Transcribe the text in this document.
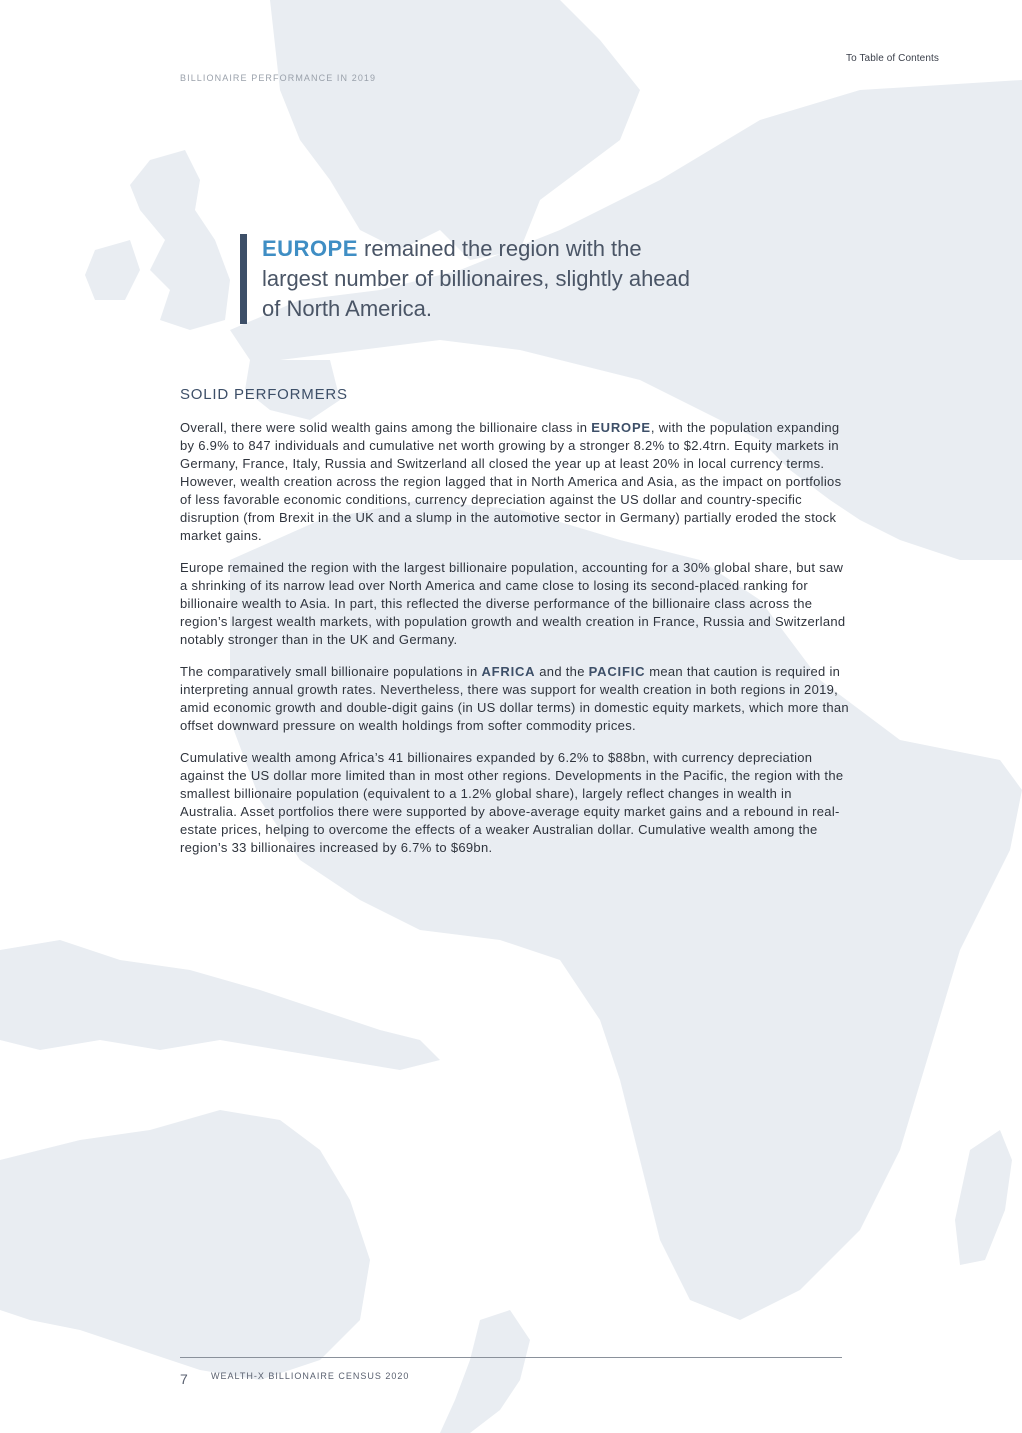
To Table of Contents
BILLIONAIRE PERFORMANCE IN 2019
EUROPE remained the region with the
largest number of billionaires, slightly ahead
of North America.
SOLID PERFORMERS

Overall, there were solid wealth gains among the billionaire class in EUROPE, with the population expanding by 6.9% to 847 individuals and cumulative net worth growing by a stronger 8.2% to $2.4trn. Equity markets in Germany, France, Italy, Russia and Switzerland all closed the year up at least 20% in local currency terms. However, wealth creation across the region lagged that in North America and Asia, as the impact on portfolios of less favorable economic conditions, currency depreciation against the US dollar and country-specific disruption (from Brexit in the UK and a slump in the automotive sector in Germany) partially eroded the stock market gains.

Europe remained the region with the largest billionaire population, accounting for a 30% global share, but saw a shrinking of its narrow lead over North America and came close to losing its second-placed ranking for billionaire wealth to Asia. In part, this reflected the diverse performance of the billionaire class across the region’s largest wealth markets, with population growth and wealth creation in France, Russia and Switzerland notably stronger than in the UK and Germany.

The comparatively small billionaire populations in AFRICA and the PACIFIC mean that caution is required in interpreting annual growth rates. Nevertheless, there was support for wealth creation in both regions in 2019, amid economic growth and double-digit gains (in US dollar terms) in domestic equity markets, which more than offset downward pressure on wealth holdings from softer commodity prices.

Cumulative wealth among Africa’s 41 billionaires expanded by 6.2% to $88bn, with currency depreciation against the US dollar more limited than in most other regions. Developments in the Pacific, the region with the smallest billionaire population (equivalent to a 1.2% global share), largely reflect changes in wealth in Australia. Asset portfolios there were supported by above-average equity market gains and a rebound in real-estate prices, helping to overcome the effects of a weaker Australian dollar. Cumulative wealth among the region’s 33 billionaires increased by 6.7% to $69bn.

7	WEALTH-X BILLIONAIRE CENSUS 2020
